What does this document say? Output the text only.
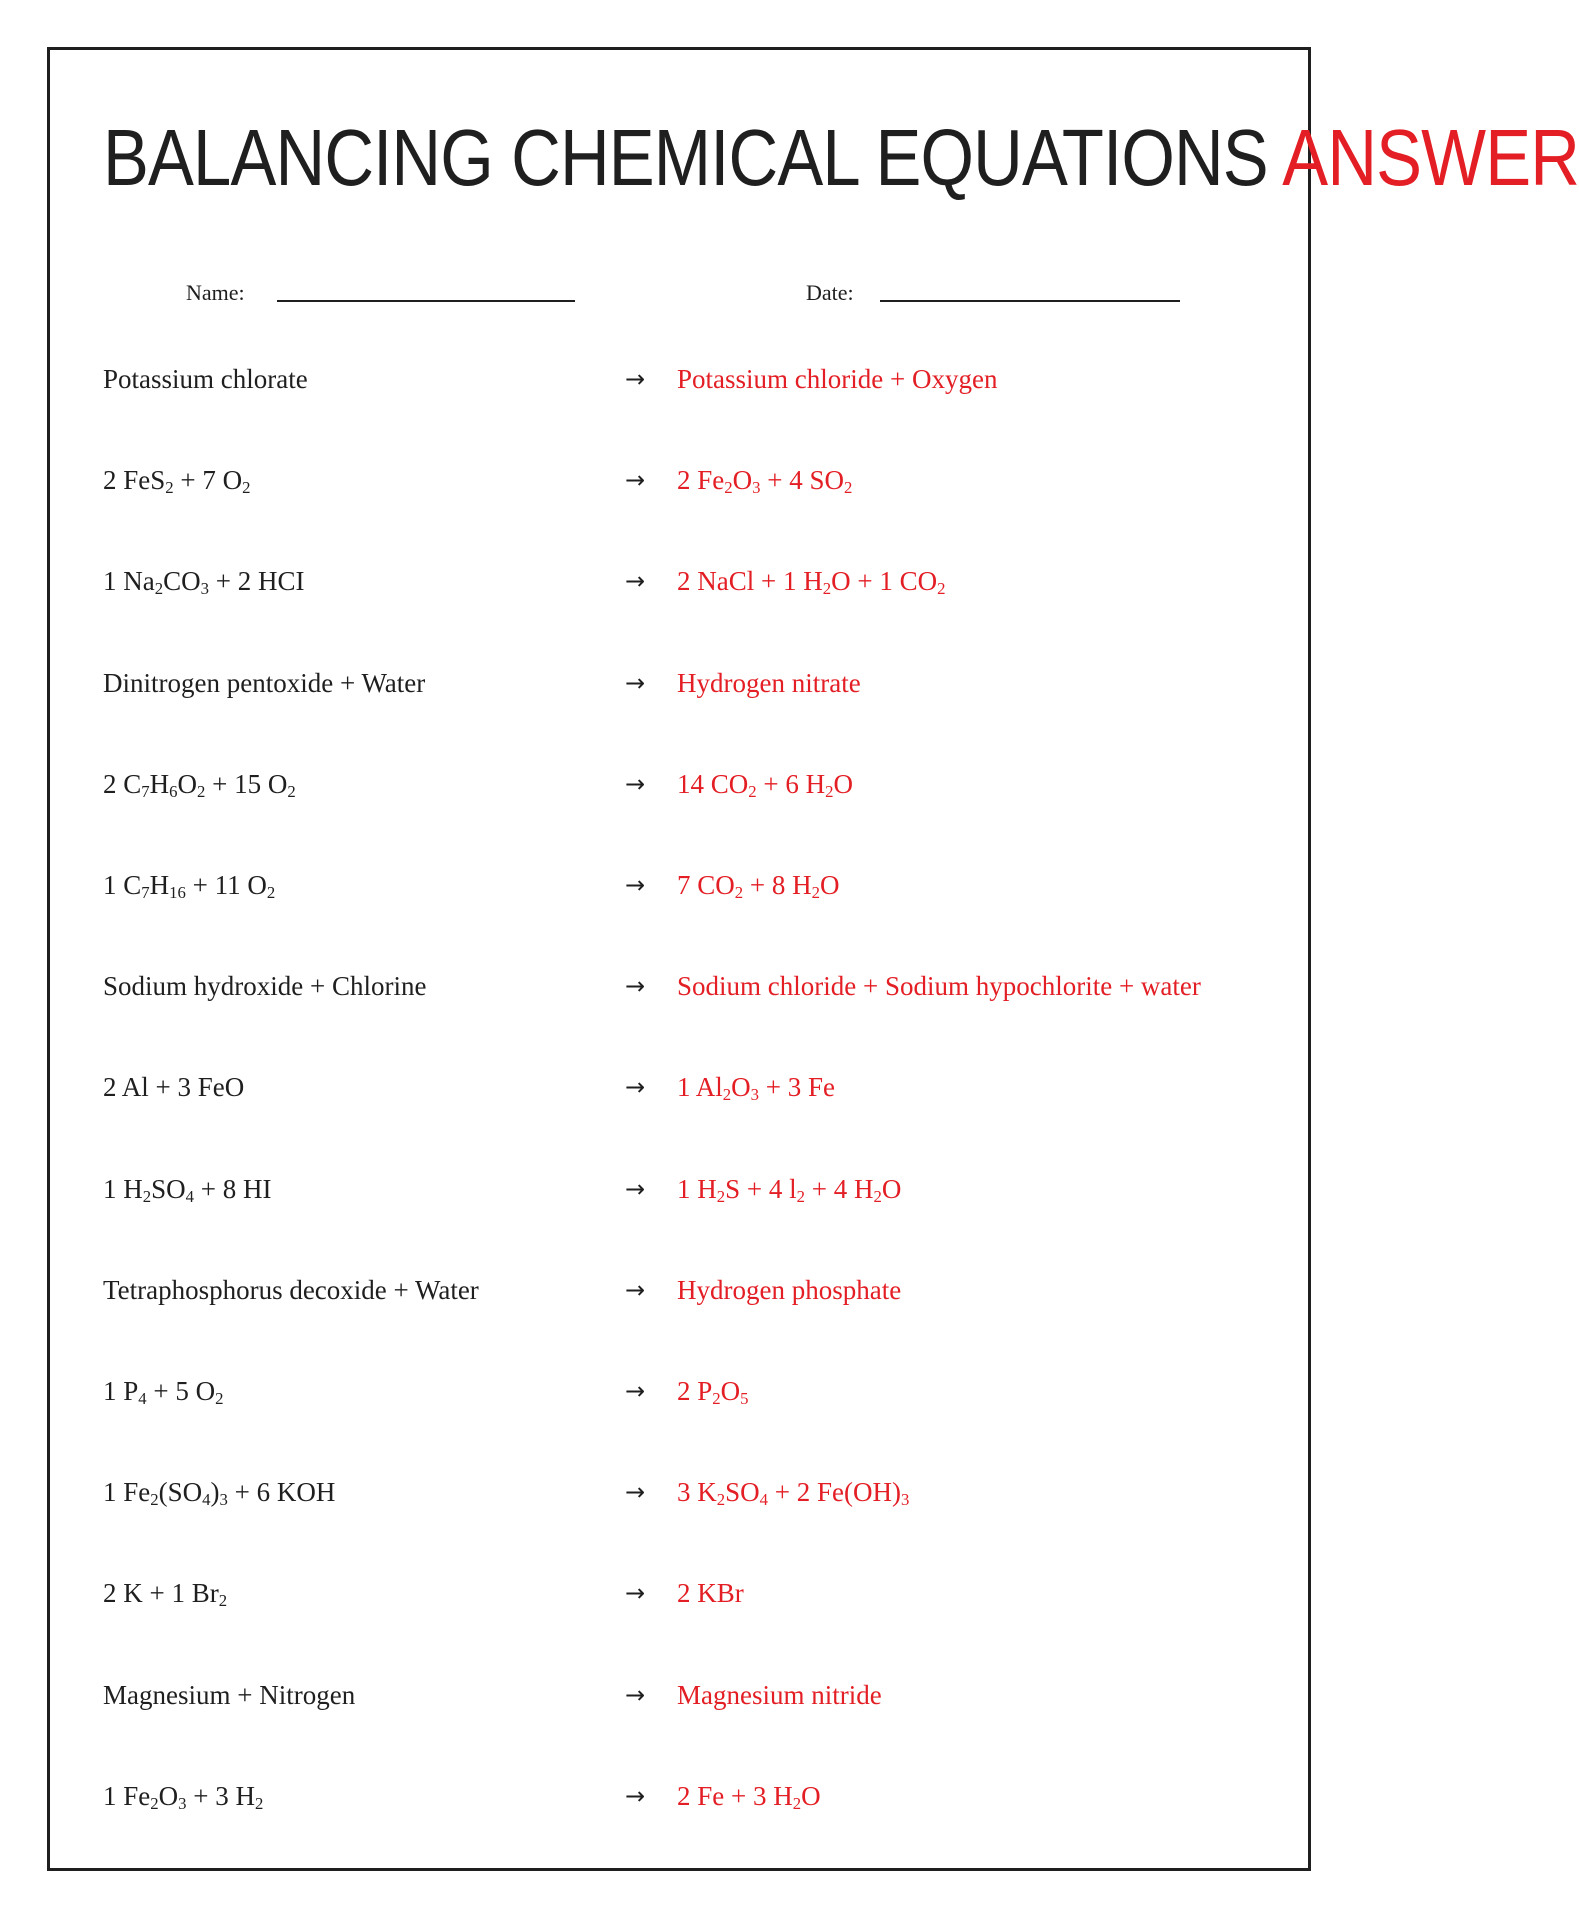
BALANCING CHEMICAL EQUATIONS ANSWER
Name:	Date:
Potassium chlorate	→ Potassium chloride + Oxygen
2 FeS$_2$ + 7 $O_2$	→ 2 $Fe_2O_3 + 4$ $SO_2$
1 $Na_2CO_3 + 2$ HCI	→ 2 NaCl + 1 $H_2O + 1$ $CO_2$
Dinitrogen pentoxide + Water	→ Hydrogen nitrate
2 $C_7H_6O_2 + 15$ $O_2$	→ 14 $CO_2 + 6$ $H_2O$
1 $C_7H_{16} + 11$ $O_2$	→ 7 $CO_2 + 8$ $H_2O$
Sodium hydroxide + Chlorine	→ Sodium chloride + Sodium hypochlorite + water
2 Al + 3 FeO	→ 1 $Al_2O_3 + 3$ Fe
1 $H_2SO_4 + 8$ HI	→ 1 $H_2S + 4$ $l_2 + 4$ $H_2O$
Tetraphosphorus decoxide + Water	→ Hydrogen phosphate
1 $P_4 + 5$ $O_2$	→ 2 $P_2O_5$
1 $Fe_2(SO_4)_3 + 6$ KOH	→ 3 $K_2SO_4 + 2$ $Fe(OH)_3$
2 K + 1 $Br_2$	→ 2 KBr
Magnesium + Nitrogen	→ Magnesium nitride
1 $Fe_2O_3 + 3$ $H_2$	→ 2 Fe + 3 $H_2O$
